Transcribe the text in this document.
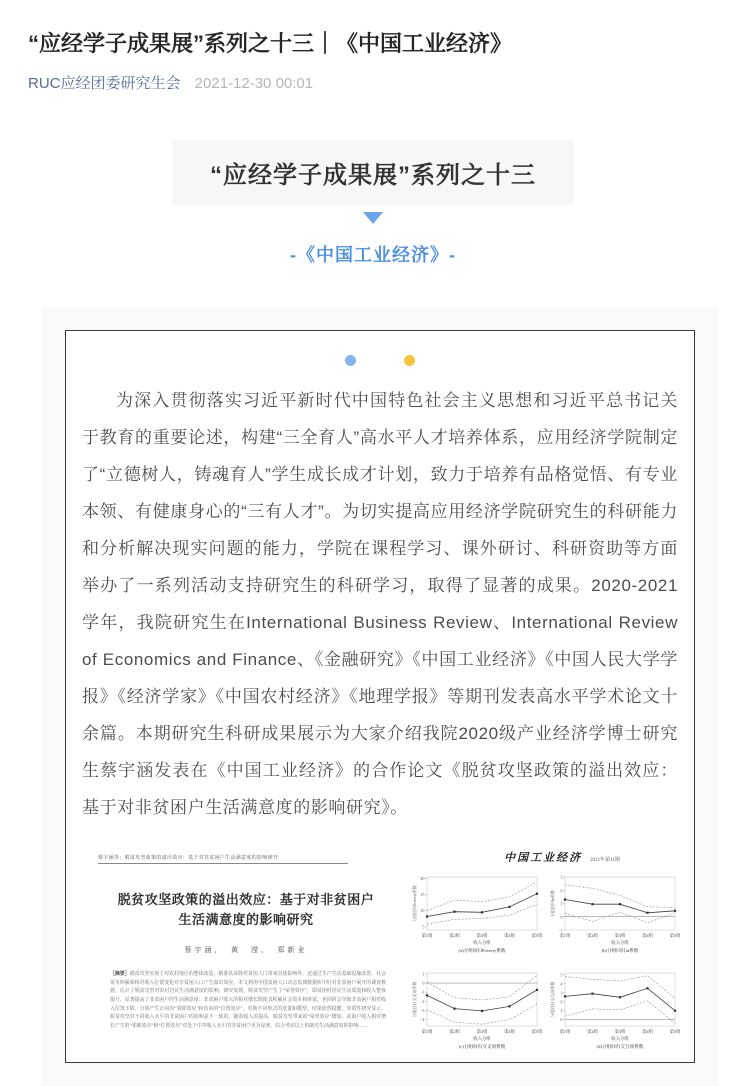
“应经学子成果展”系列之十三｜《中国工业经济》
RUC应经团委研究生会 2021-12-30 00:01
“应经学子成果展”系列之十三
-《中国工业经济》-

为深入贯彻落实习近平新时代中国特色社会主义思想和习近平总书记关于教育的重要论述，构建“三全育人”高水平人才培养体系，应用经济学院制定了“立德树人，铸魂育人”学生成长成才计划，致力于培养有品格觉悟、有专业本领、有健康身心的“三有人才”。为切实提高应用经济学院研究生的科研能力和分析解决现实问题的能力，学院在课程学习、课外研讨、科研资助等方面举办了一系列活动支持研究生的科研学习，取得了显著的成果。2020-2021学年，我院研究生在International Business Review、International Review of Economics and Finance、《金融研究》《中国工业经济》《中国人民大学学报》《经济学家》《中国农村经济》《地理学报》等期刊发表高水平学术论文十余篇。本期研究生科研成果展示为大家介绍我院2020级产业经济学博士研究生蔡宇涵发表在《中国工业经济》的合作论文《脱贫攻坚政策的溢出效应：基于对非贫困户生活满意度的影响研究》。

蔡宇涵等：脱贫攻坚政策的溢出效应：基于对非贫困户生活满意度的影响研究
脱贫攻坚政策的溢出效应：基于对非贫困户
生活满意度的影响研究
蔡宇涵，　黄　滢，　郑新业

［摘要］脱贫攻坚实现了对农村地区的整体改造，精准扶贫除对贫困人口带来直接影响外，还通过生产生活基础设施改善、社会资本积累和相对收入位置变化对非贫困人口产生溢出效应。本文利用中国贫困人口动态监测数据库中针对非贫困户展开的调查数据，估计了脱贫攻坚对农村居民生活满意度的影响。研究发现，脱贫攻坚产生了“荣誉效应”，即贫困村居民生活质量和收入整体提升，显著提高了非贫困户的生活满意度；非贫困户收入的相对增长既使其积累社会资本和财富，也同时会导致非贫困户相对收入位置下降，分别产生正向的“邻睦效应”和负向的“位置效应”，更换不同形式的变量和模型，结果依然稳健。异质性研究显示，脱贫攻坚对不同收入水平的非贫困户的影响是不一致的，随着收入的提高，脱贫攻坚带来的“荣誉效应”增加，贫困户收入相对增长产生的“邻睦效应”和“位置效应”对处于中等收入水平的非贫困户更为显著。综合考虑以上机制对生活满意度的影响……

中国工业经济 2021年第11期
5
10
15
20
第1组	第2组	第3组	第4组	第5组
收入分组
(a)分组回归Poverty系数
分组回归Poverty系数
-1
0
1
2
3
第1组	第2组	第3组	第4组	第5组
收入分组
(b)分组回归ln系数
分组回归ln系数
-4
-3
-2
-1
0
1
第1组	第2组	第3组	第4组	第5组
收入分组
(c)分组回归交叉项系数
分组回归交叉项系数
0
1
2
3
4
5
第1组	第2组	第3组	第4组	第5组
收入分组
(d)分组回归交互项系数
分组回归交互项系数
